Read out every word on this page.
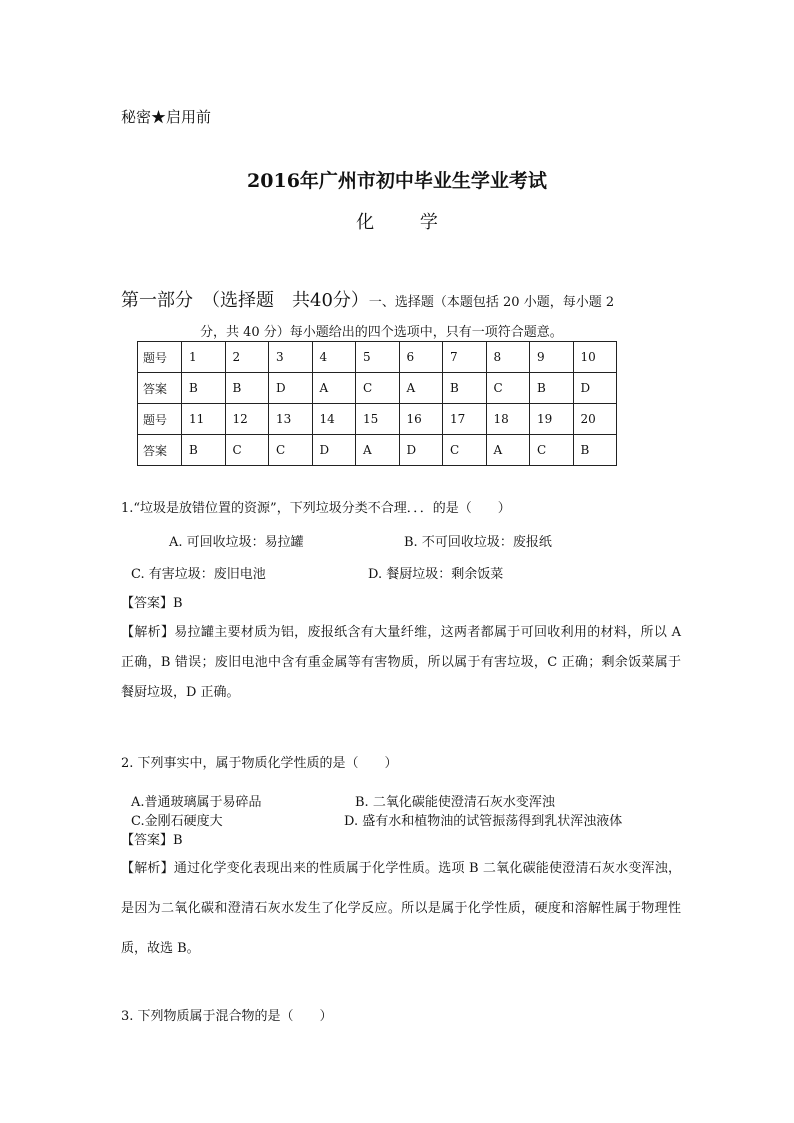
秘密★启用前
2016年广州市初中毕业生学业考试
化	学
第一部分　（选择题　共40分）一、选择题（本题包括 20 小题，每小题 2
分，共 40 分）每小题给出的四个选项中，只有一项符合题意。
题号	1	2	3	4	5	6	7	8	9	10
答案	B	B	D	A	C	A	B	C	B	D
题号	11	12	13	14	15	16	17	18	19	20
答案	B	C	C	D	A	D	C	A	C	B
1.“垃圾是放错位置的资源”，下列垃圾分类不合理．．．的是（　　）
A. 可回收垃圾：易拉罐	B. 不可回收垃圾：废报纸
C. 有害垃圾：废旧电池	D. 餐厨垃圾：剩余饭菜
【答案】B
【解析】易拉罐主要材质为铝，废报纸含有大量纤维，这两者都属于可回收利用的材料，所以 A 正确，B 错误；废旧电池中含有重金属等有害物质，所以属于有害垃圾，C 正确；剩余饭菜属于餐厨垃圾，D 正确。
2. 下列事实中，属于物质化学性质的是（　　）
A.普通玻璃属于易碎品	B. 二氧化碳能使澄清石灰水变浑浊
C.金刚石硬度大	D. 盛有水和植物油的试管振荡得到乳状浑浊液体
【答案】B
【解析】通过化学变化表现出来的性质属于化学性质。选项 B 二氧化碳能使澄清石灰水变浑浊，是因为二氧化碳和澄清石灰水发生了化学反应。所以是属于化学性质，硬度和溶解性属于物理性质，故选 B。
3. 下列物质属于混合物的是（　　）
